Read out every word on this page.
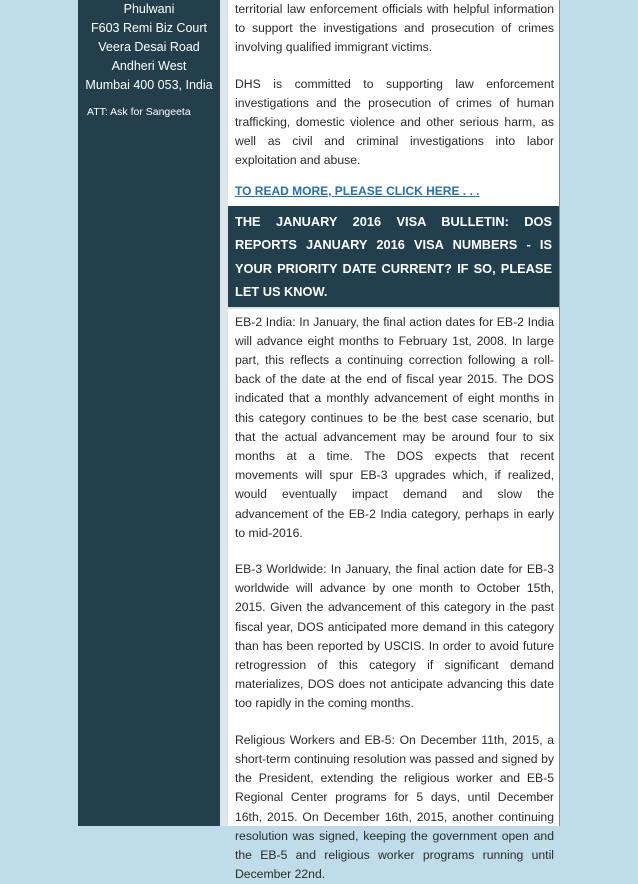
Phulwani
F603 Remi Biz Court
Veera Desai Road
Andheri West
Mumbai 400 053, India
ATT: Ask for Sangeeta

territorial law enforcement officials with helpful information to support the investigations and prosecution of crimes involving qualified immigrant victims.

DHS is committed to supporting law enforcement investigations and the prosecution of crimes of human trafficking, domestic violence and other serious harm, as well as civil and criminal investigations into labor exploitation and abuse.

TO READ MORE, PLEASE CLICK HERE . . .
THE JANUARY 2016 VISA BULLETIN: DOS REPORTS JANUARY 2016 VISA NUMBERS - IS YOUR PRIORITY DATE CURRENT? IF SO, PLEASE LET US KNOW.

EB-2 India: In January, the final action dates for EB-2 India will advance eight months to February 1st, 2008. In large part, this reflects a continuing correction following a roll-back of the date at the end of fiscal year 2015. The DOS indicated that a monthly advancement of eight months in this category continues to be the best case scenario, but that the actual advancement may be around four to six months at a time. The DOS expects that recent movements will spur EB-3 upgrades which, if realized, would eventually impact demand and slow the advancement of the EB-2 India category, perhaps in early to mid-2016.

EB-3 Worldwide: In January, the final action date for EB-3 worldwide will advance by one month to October 15th, 2015. Given the advancement of this category in the past fiscal year, DOS anticipated more demand in this category than has been reported by USCIS. In order to avoid future retrogression of this category if significant demand materializes, DOS does not anticipate advancing this date too rapidly in the coming months.

Religious Workers and EB-5: On December 11th, 2015, a short-term continuing resolution was passed and signed by the President, extending the religious worker and EB-5 Regional Center programs for 5 days, until December 16th, 2015. On December 16th, 2015, another continuing resolution was signed, keeping the government open and the EB-5 and religious worker programs running until December 22nd.
